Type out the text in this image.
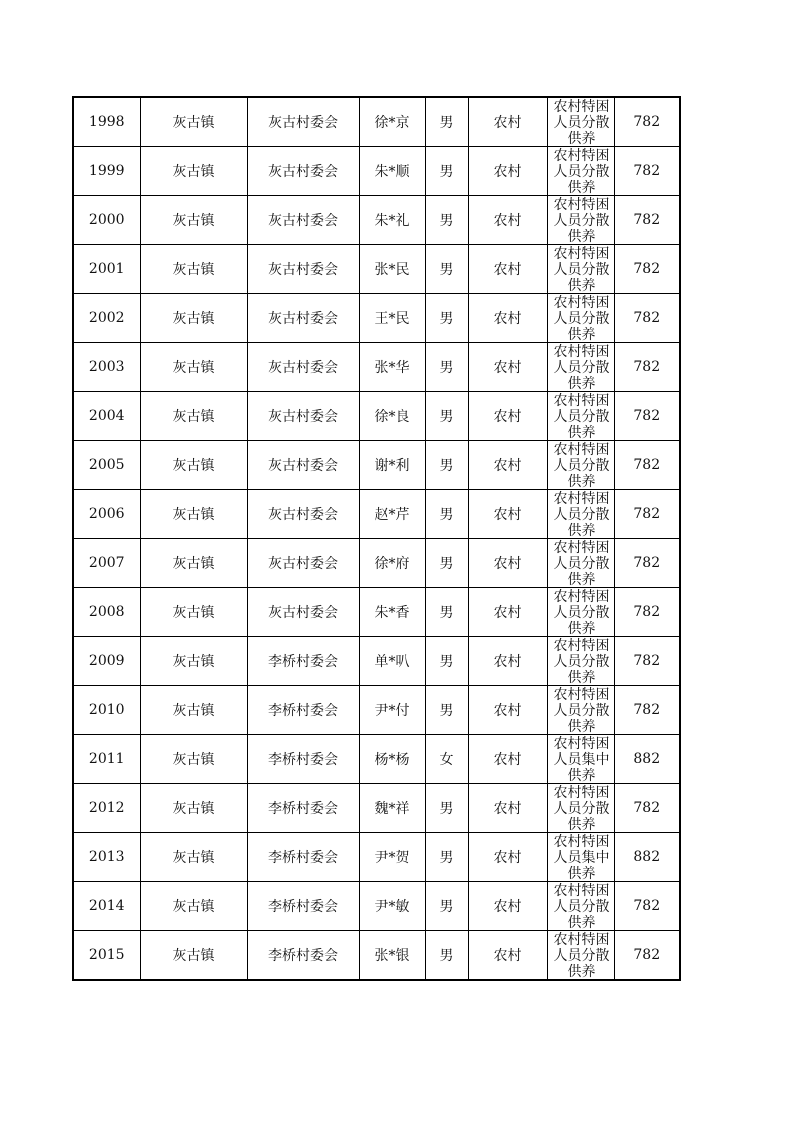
1998	灰古镇	灰古村委会	徐*京	男	农村	农村特困人员分散供养	782
1999	灰古镇	灰古村委会	朱*顺	男	农村	农村特困人员分散供养	782
2000	灰古镇	灰古村委会	朱*礼	男	农村	农村特困人员分散供养	782
2001	灰古镇	灰古村委会	张*民	男	农村	农村特困人员分散供养	782
2002	灰古镇	灰古村委会	王*民	男	农村	农村特困人员分散供养	782
2003	灰古镇	灰古村委会	张*华	男	农村	农村特困人员分散供养	782
2004	灰古镇	灰古村委会	徐*良	男	农村	农村特困人员分散供养	782
2005	灰古镇	灰古村委会	谢*利	男	农村	农村特困人员分散供养	782
2006	灰古镇	灰古村委会	赵*芹	男	农村	农村特困人员分散供养	782
2007	灰古镇	灰古村委会	徐*府	男	农村	农村特困人员分散供养	782
2008	灰古镇	灰古村委会	朱*香	男	农村	农村特困人员分散供养	782
2009	灰古镇	李桥村委会	单*叭	男	农村	农村特困人员分散供养	782
2010	灰古镇	李桥村委会	尹*付	男	农村	农村特困人员分散供养	782
2011	灰古镇	李桥村委会	杨*杨	女	农村	农村特困人员集中供养	882
2012	灰古镇	李桥村委会	魏*祥	男	农村	农村特困人员分散供养	782
2013	灰古镇	李桥村委会	尹*贺	男	农村	农村特困人员集中供养	882
2014	灰古镇	李桥村委会	尹*敏	男	农村	农村特困人员分散供养	782
2015	灰古镇	李桥村委会	张*银	男	农村	农村特困人员分散供养	782
